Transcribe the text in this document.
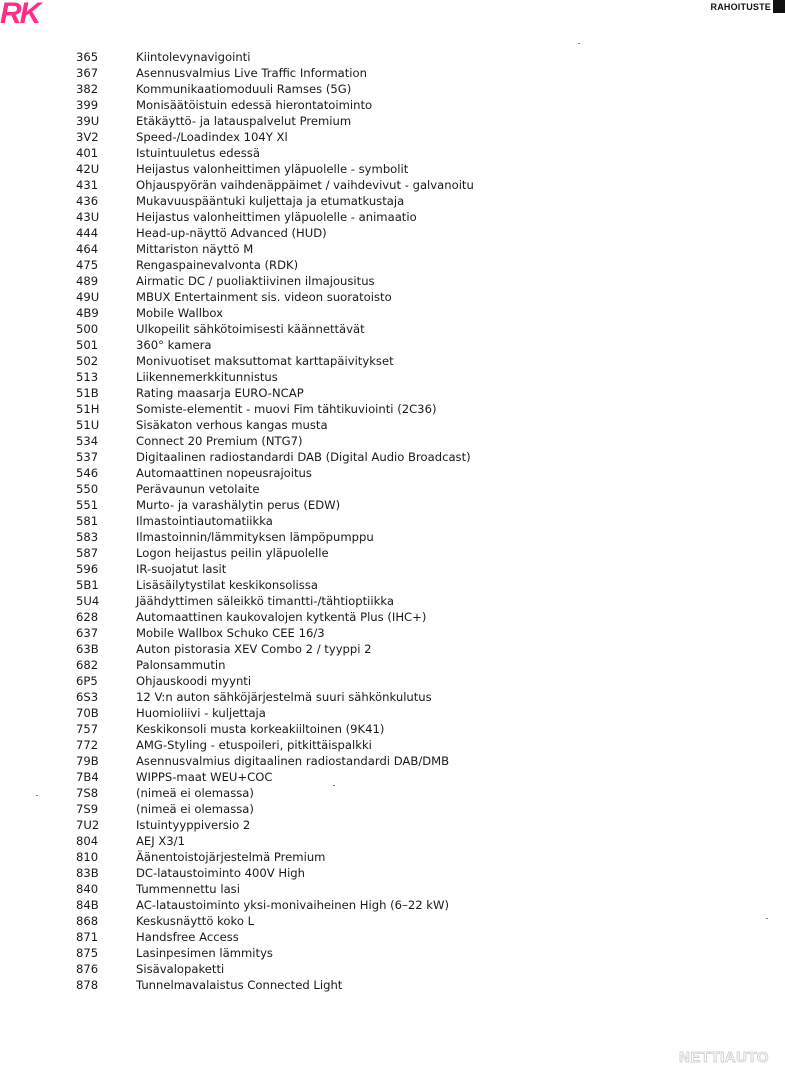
RK	RAHOITUSTE
365	Kiintolevynavigointi
367	Asennusvalmius Live Traffic Information
382	Kommunikaatiomoduuli Ramses (5G)
399	Monisäätöistuin edessä hierontatoiminto
39U	Etäkäyttö- ja latauspalvelut Premium
3V2	Speed-/Loadindex 104Y Xl
401	Istuintuuletus edessä
42U	Heijastus valonheittimen yläpuolelle - symbolit
431	Ohjauspyörän vaihdenäppäimet / vaihdevivut - galvanoitu
436	Mukavuuspääntuki kuljettaja ja etumatkustaja
43U	Heijastus valonheittimen yläpuolelle - animaatio
444	Head-up-näyttö Advanced (HUD)
464	Mittariston näyttö M
475	Rengaspainevalvonta (RDK)
489	Airmatic DC / puoliaktiivinen ilmajousitus
49U	MBUX Entertainment sis. videon suoratoisto
4B9	Mobile Wallbox
500	Ulkopeilit sähkötoimisesti käännettävät
501	360° kamera
502	Monivuotiset maksuttomat karttapäivitykset
513	Liikennemerkkitunnistus
51B	Rating maasarja EURO-NCAP
51H	Somiste-elementit - muovi Fim tähtikuviointi (2C36)
51U	Sisäkaton verhous kangas musta
534	Connect 20 Premium (NTG7)
537	Digitaalinen radiostandardi DAB (Digital Audio Broadcast)
546	Automaattinen nopeusrajoitus
550	Perävaunun vetolaite
551	Murto- ja varashälytin perus (EDW)
581	Ilmastointiautomatiikka
583	Ilmastoinnin/lämmityksen lämpöpumppu
587	Logon heijastus peilin yläpuolelle
596	IR-suojatut lasit
5B1	Lisäsäilytystilat keskikonsolissa
5U4	Jäähdyttimen säleikkö timantti-/tähtioptiikka
628	Automaattinen kaukovalojen kytkentä Plus (IHC+)
637	Mobile Wallbox Schuko CEE 16/3
63B	Auton pistorasia XEV Combo 2 / tyyppi 2
682	Palonsammutin
6P5	Ohjauskoodi myynti
6S3	12 V:n auton sähköjärjestelmä suuri sähkönkulutus
70B	Huomioliivi - kuljettaja
757	Keskikonsoli musta korkeakiiltoinen (9K41)
772	AMG-Styling - etuspoileri, pitkittäispalkki
79B	Asennusvalmius digitaalinen radiostandardi DAB/DMB
7B4	WIPPS-maat WEU+COC
7S8	(nimeä ei olemassa)
7S9	(nimeä ei olemassa)
7U2	Istuintyyppiversio 2
804	AEJ X3/1
810	Äänentoistojärjestelmä Premium
83B	DC-lataustoiminto 400V High
840	Tummennettu lasi
84B	AC-lataustoiminto yksi-monivaiheinen High (6–22 kW)
868	Keskusnäyttö koko L
871	Handsfree Access
875	Lasinpesimen lämmitys
876	Sisävalopaketti
878	Tunnelmavalaistus Connected Light
NETTIAUTO
